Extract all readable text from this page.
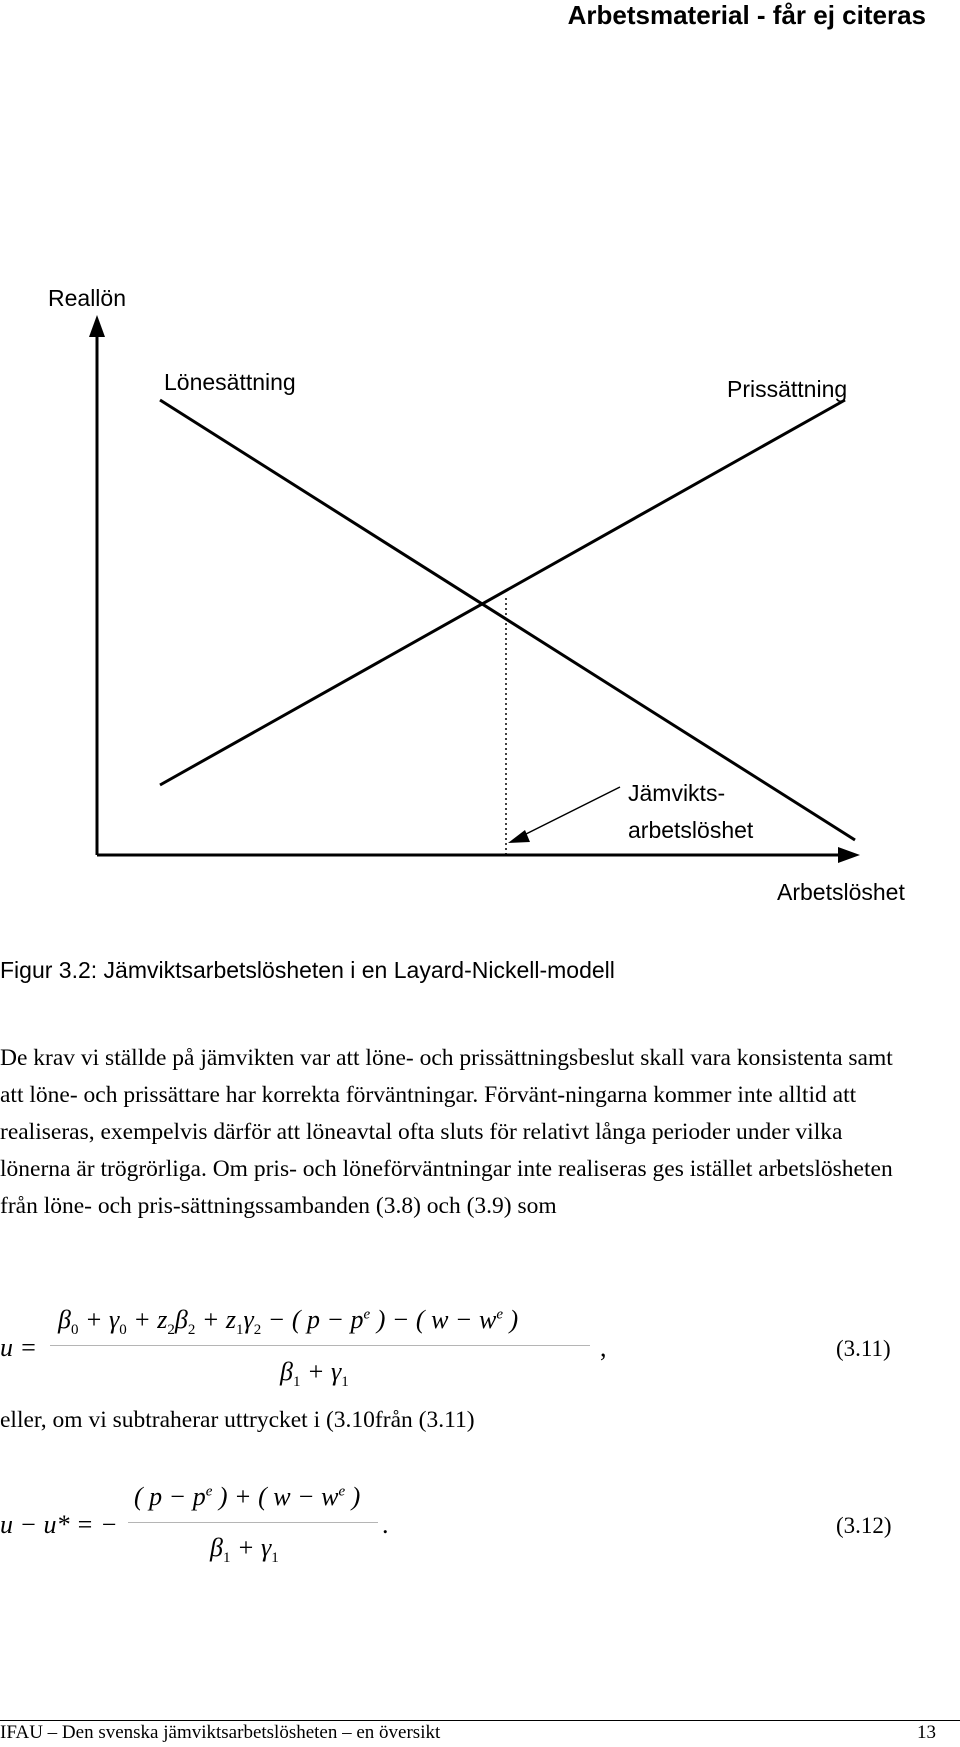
Arbetsmaterial - får ej citeras
Reallön
Lönesättning	Prissättning
Jämvikts-
arbetslöshet
Arbetslöshet
Figur 3.2: Jämviktsarbetslösheten i en Layard-Nickell-modell

De krav vi ställde på jämvikten var att löne- och prissättningsbeslut skall vara konsistenta samt att löne- och prissättare har korrekta förväntningar. Förvänt-ningarna kommer inte alltid att realiseras, exempelvis därför att löneavtal ofta sluts för relativt långa perioder under vilka lönerna är trögrörliga. Om pris- och löneförväntningar inte realiseras ges istället arbetslösheten från löne- och pris-sättningssambanden (3.8) och (3.9) som

u =
$\beta_0 + \gamma_0 + z_2\beta_2 + z_1\gamma_2$ − ( $p - p^e$ ) − ( $w - w^e$ )
$\beta_1 + \gamma_1$
,	(3.11)
eller, om vi subtraherar uttrycket i (3.10från (3.11)
u − u* = −
( $p - p^e$ ) + ( $w - w^e$ )
$\beta_1 + \gamma_1$
.	(3.12)
IFAU – Den svenska jämviktsarbetslösheten – en översikt	13
